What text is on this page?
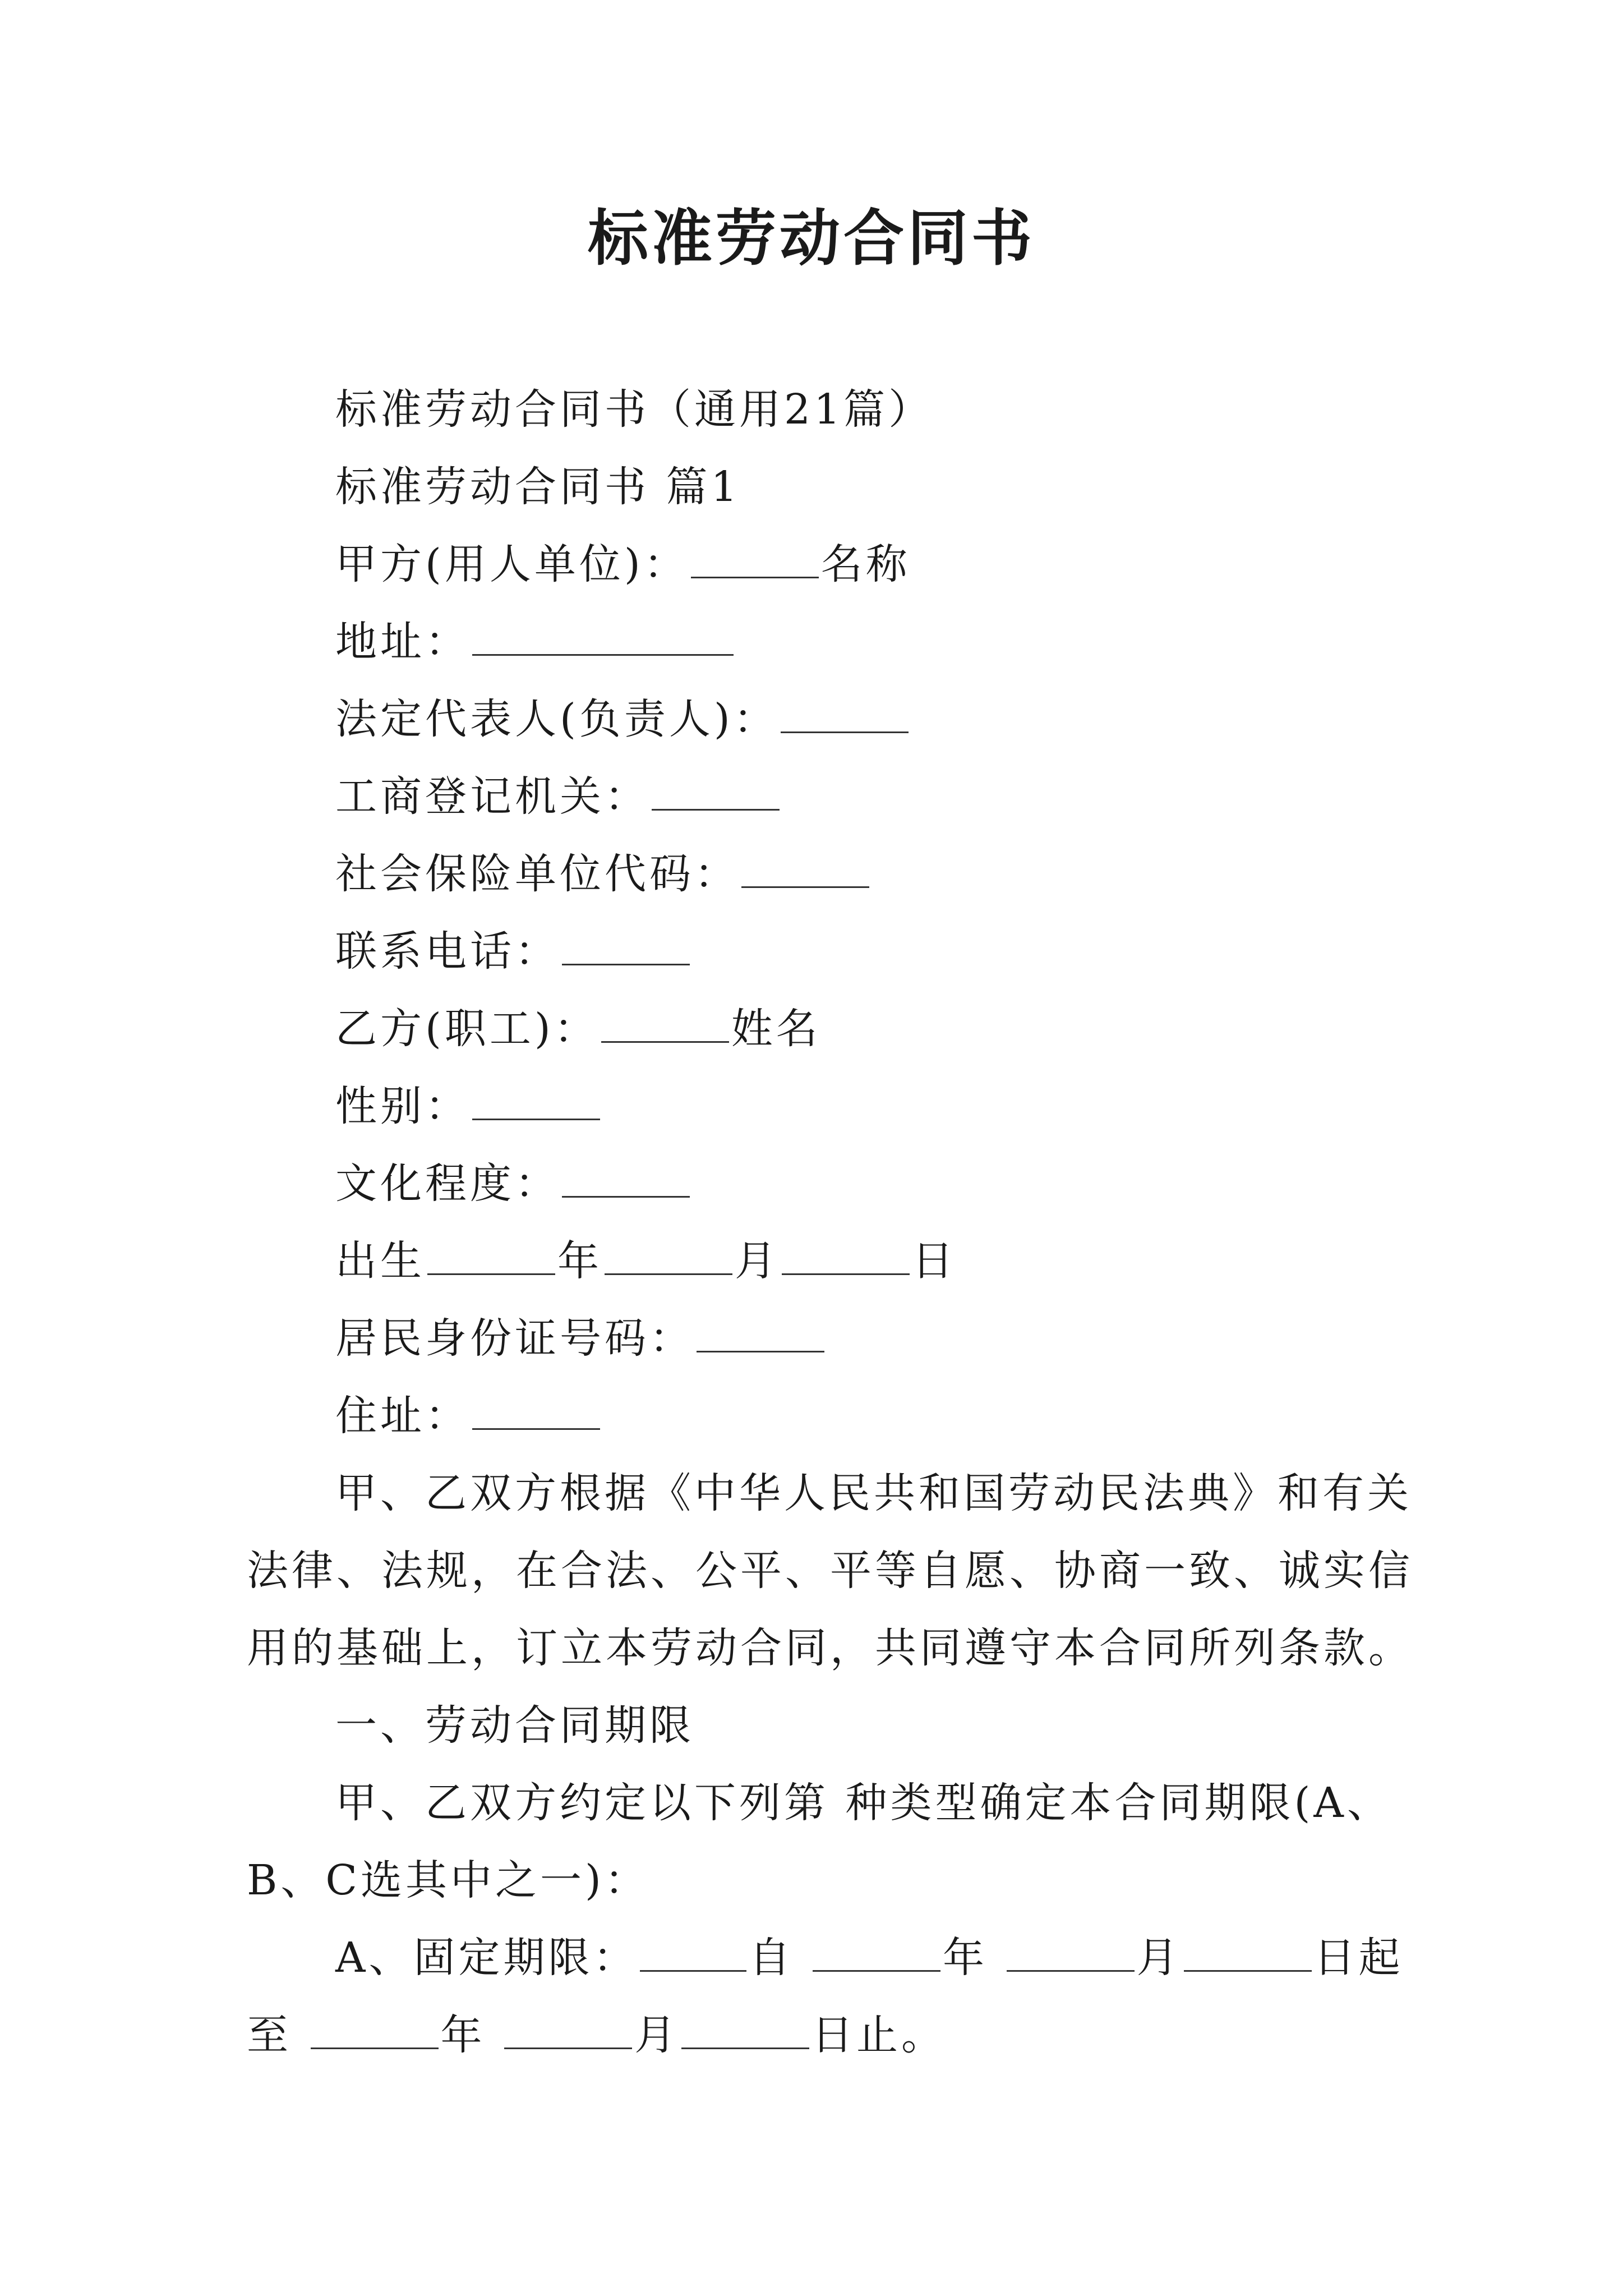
标准劳动合同书
标准劳动合同书（通用21篇）
标准劳动合同书 篇1
甲方(用人单位)：	名称
地址：
法定代表人(负责人)：
工商登记机关：
社会保险单位代码：
联系电话：
乙方(职工)：	姓名
性别：
文化程度：
出生	年	月	日
居民身份证号码：
住址：
甲、乙双方根据《中华人民共和国劳动民法典》和有关
法律、法规，在合法、公平、平等自愿、协商一致、诚实信
用的基础上，订立本劳动合同，共同遵守本合同所列条款。
一、劳动合同期限
甲、乙双方约定以下列第 种类型确定本合同期限(A、
B、C选其中之一)：
A、固定期限：	自	年	月	日起
至	年	月	日止。
